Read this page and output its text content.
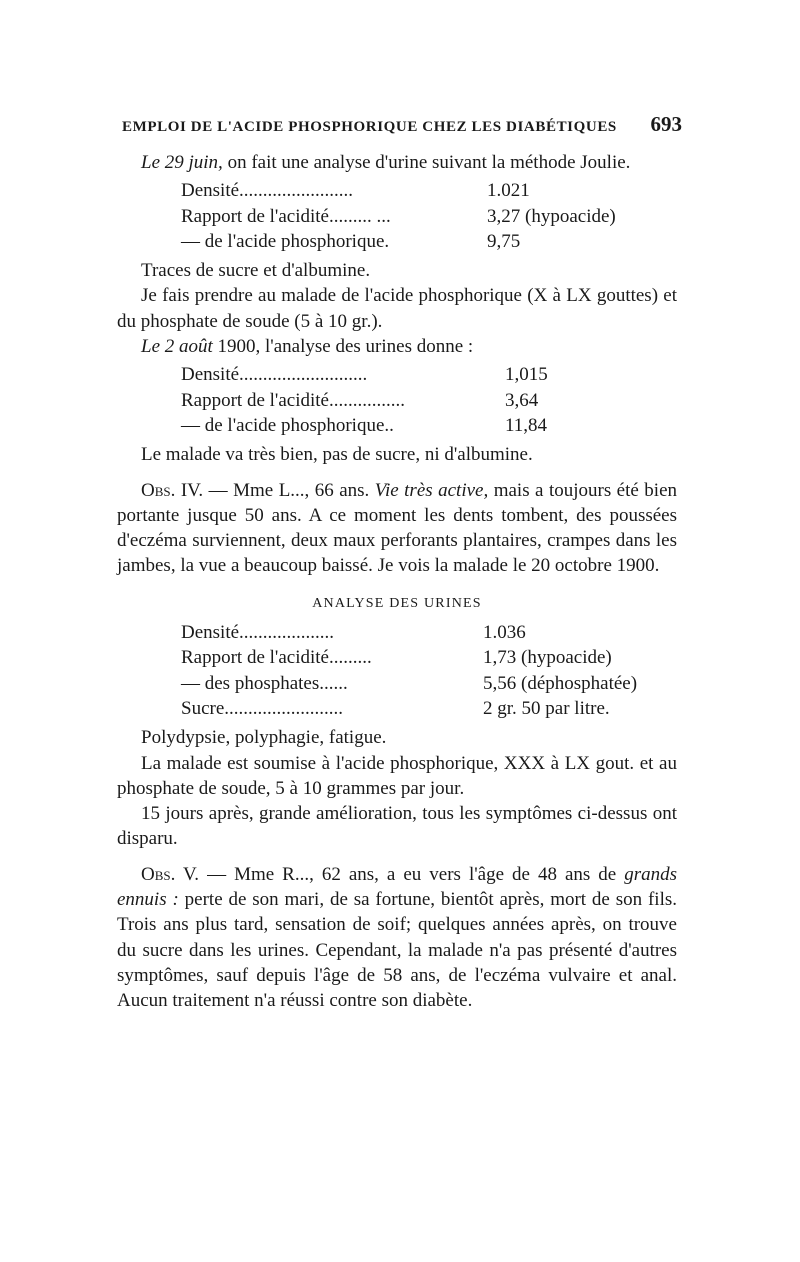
EMPLOI DE L'ACIDE PHOSPHORIQUE CHEZ LES DIABÉTIQUES 693

Le 29 juin, on fait une analyse d'urine suivant la méthode Joulie.

Densité........................	1.021
Rapport de l'acidité......... ...	3,27 (hypoacide)
— de l'acide phosphorique.	9,75

Traces de sucre et d'albumine.

Je fais prendre au malade de l'acide phosphorique (X à LX gouttes) et du phosphate de soude (5 à 10 gr.).

Le 2 août 1900, l'analyse des urines donne :

Densité...........................	1,015
Rapport de l'acidité................	3,64
— de l'acide phosphorique..	11,84

Le malade va très bien, pas de sucre, ni d'albumine.

Obs. IV. — Mme L..., 66 ans. Vie très active, mais a toujours été bien portante jusque 50 ans. A ce moment les dents tombent, des poussées d'eczéma surviennent, deux maux perforants plantaires, crampes dans les jambes, la vue a beaucoup baissé. Je vois la malade le 20 octobre 1900.

ANALYSE DES URINES
Densité....................	1.036
Rapport de l'acidité.........	1,73 (hypoacide)
— des phosphates......	5,56 (déphosphatée)
Sucre.........................	2 gr. 50 par litre.

Polydypsie, polyphagie, fatigue.

La malade est soumise à l'acide phosphorique, XXX à LX gout. et au phosphate de soude, 5 à 10 grammes par jour.

15 jours après, grande amélioration, tous les symptômes ci-dessus ont disparu.

Obs. V. — Mme R..., 62 ans, a eu vers l'âge de 48 ans de grands ennuis : perte de son mari, de sa fortune, bientôt après, mort de son fils. Trois ans plus tard, sensation de soif; quelques années après, on trouve du sucre dans les urines. Cependant, la malade n'a pas présenté d'autres symptômes, sauf depuis l'âge de 58 ans, de l'eczéma vulvaire et anal. Aucun traitement n'a réussi contre son diabète.
